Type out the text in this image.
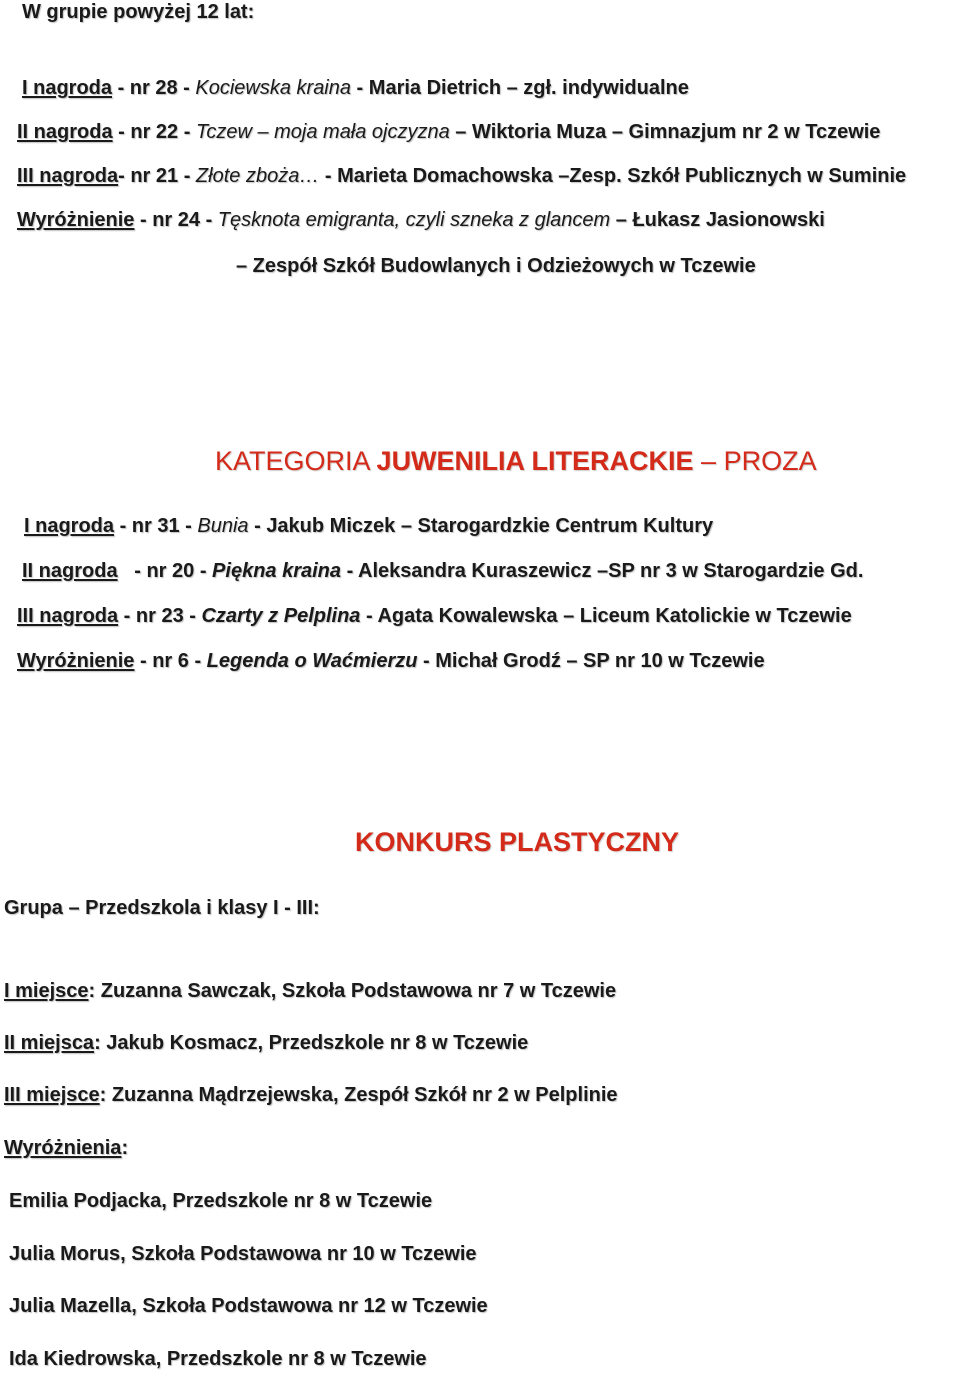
W grupie powyżej 12 lat:
I nagroda - nr 28 - Kociewska kraina - Maria Dietrich – zgł. indywidualne
II nagroda - nr 22 - Tczew – moja mała ojczyzna – Wiktoria Muza – Gimnazjum nr 2 w Tczewie
III nagroda- nr 21 - Złote zboża… - Marieta Domachowska –Zesp. Szkół Publicznych w Suminie
Wyróżnienie - nr 24 - Tęsknota emigranta, czyli szneka z glancem – Łukasz Jasionowski
– Zespół Szkół Budowlanych i Odzieżowych w Tczewie
KATEGORIA JUWENILIA LITERACKIE – PROZA
I nagroda - nr 31 - Bunia - Jakub Miczek – Starogardzkie Centrum Kultury
II nagroda   - nr 20 - Piękna kraina - Aleksandra Kuraszewicz –SP nr 3 w Starogardzie Gd.
III nagroda - nr 23 - Czarty z Pelplina - Agata Kowalewska – Liceum Katolickie w Tczewie
Wyróżnienie - nr 6 - Legenda o Waćmierzu - Michał Grodź – SP nr 10 w Tczewie
KONKURS PLASTYCZNY
Grupa – Przedszkola i klasy I - III:
I miejsce: Zuzanna Sawczak, Szkoła Podstawowa nr 7 w Tczewie
II miejsca: Jakub Kosmacz, Przedszkole nr 8 w Tczewie
III miejsce: Zuzanna Mądrzejewska, Zespół Szkół nr 2 w Pelplinie
Wyróżnienia:
Emilia Podjacka, Przedszkole nr 8 w Tczewie
Julia Morus, Szkoła Podstawowa nr 10 w Tczewie
Julia Mazella, Szkoła Podstawowa nr 12 w Tczewie
Ida Kiedrowska, Przedszkole nr 8 w Tczewie
